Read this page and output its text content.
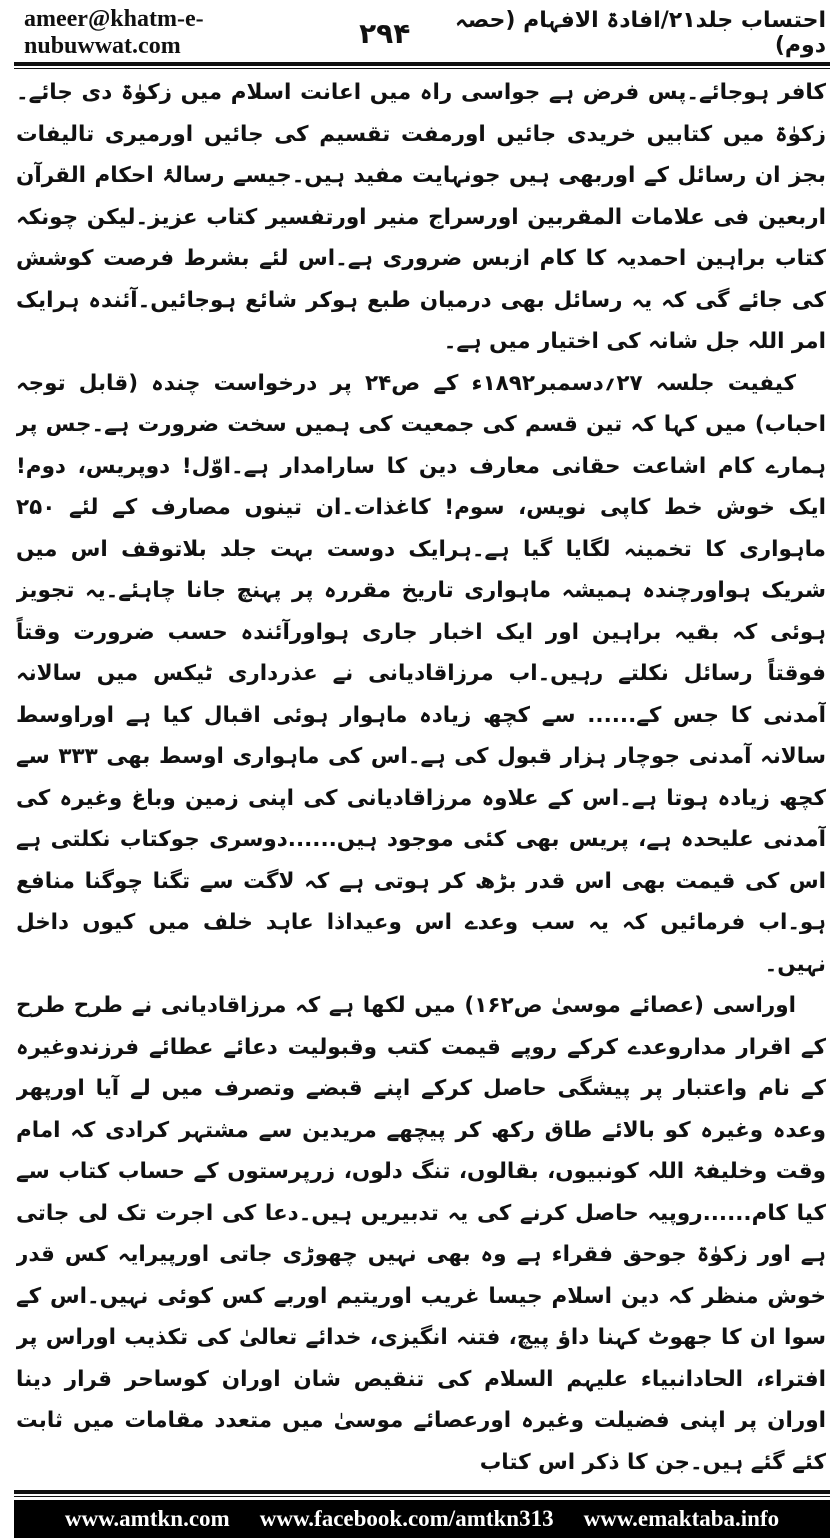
ameer@khatm-e-nubuwwat.com	۲۹۴	احتساب جلد۲۱/افادۃ الافہام (حصہ دوم)

کافر ہوجائے۔پس فرض ہے جواسی راہ میں اعانت اسلام میں زکوٰۃ دی جائے۔زکوٰۃ میں کتابیں خریدی جائیں اورمفت تقسیم کی جائیں اورمیری تالیفات بجز ان رسائل کے اوربھی ہیں جونہایت مفید ہیں۔جیسے رسالۂ احکام القرآن اربعین فی علامات المقربین اورسراج منیر اورتفسیر کتاب عزیز۔لیکن چونکہ کتاب براہین احمدیہ کا کام ازبس ضروری ہے۔اس لئے بشرط فرصت کوشش کی جائے گی کہ یہ رسائل بھی درمیان طبع ہوکر شائع ہوجائیں۔آئندہ ہرایک امر اللہ جل شانہ کی اختیار میں ہے۔

کیفیت جلسہ ۲۷؍دسمبر۱۸۹۲ء کے ص۲۴ پر درخواست چندہ (قابل توجہ احباب) میں کہا کہ تین قسم کی جمعیت کی ہمیں سخت ضرورت ہے۔جس پر ہمارے کام اشاعت حقانی معارف دین کا سارامدار ہے۔اوّل! دوپریس، دوم! ایک خوش خط کاپی نویس، سوم! کاغذات۔ان تینوں مصارف کے لئے ۲۵۰ ماہواری کا تخمینہ لگایا گیا ہے۔ہرایک دوست بہت جلد بلاتوقف اس میں شریک ہواورچندہ ہمیشہ ماہواری تاریخ مقررہ پر پہنچ جانا چاہئے۔یہ تجویز ہوئی کہ بقیہ براہین اور ایک اخبار جاری ہواورآئندہ حسب ضرورت وقتاً فوقتاً رسائل نکلتے رہیں۔اب مرزاقادیانی نے عذرداری ٹیکس میں سالانہ آمدنی کا جس کے...... سے کچھ زیادہ ماہوار ہوئی اقبال کیا ہے اوراوسط سالانہ آمدنی جوچار ہزار قبول کی ہے۔اس کی ماہواری اوسط بھی ۳۳۳ سے کچھ زیادہ ہوتا ہے۔اس کے علاوہ مرزاقادیانی کی اپنی زمین وباغ وغیرہ کی آمدنی علیحدہ ہے، پریس بھی کئی موجود ہیں......دوسری جوکتاب نکلتی ہے اس کی قیمت بھی اس قدر بڑھ کر ہوتی ہے کہ لاگت سے تگنا چوگنا منافع ہو۔اب فرمائیں کہ یہ سب وعدے اس وعیداذا عاہد خلف میں کیوں داخل نہیں۔

اوراسی (عصائے موسیٰ ص۱۶۲) میں لکھا ہے کہ مرزاقادیانی نے طرح طرح کے اقرار مداروعدے کرکے روپے قیمت کتب وقبولیت دعائے عطائے فرزندوغیرہ کے نام واعتبار پر پیشگی حاصل کرکے اپنے قبضے وتصرف میں لے آیا اورپھر وعدہ وغیرہ کو بالائے طاق رکھ کر پیچھے مریدین سے مشتہر کرادی کہ امام وقت وخلیفۃ اللہ کونبیوں، بقالوں، تنگ دلوں، زرپرستوں کے حساب کتاب سے کیا کام......روپیہ حاصل کرنے کی یہ تدبیریں ہیں۔دعا کی اجرت تک لی جاتی ہے اور زکوٰۃ جوحق فقراء ہے وہ بھی نہیں چھوڑی جاتی اورپیرایہ کس قدر خوش منظر کہ دین اسلام جیسا غریب اوریتیم اوربے کس کوئی نہیں۔اس کے سوا ان کا جھوٹ کہنا داؤ پیچ، فتنہ انگیزی، خدائے تعالیٰ کی تکذیب اوراس پر افتراء، الحادانبیاء علیہم السلام کی تنقیص شان اوران کوساحر قرار دینا اوران پر اپنی فضیلت وغیرہ اورعصائے موسیٰ میں متعدد مقامات میں ثابت کئے گئے ہیں۔جن کا ذکر اس کتاب

www.amtkn.com www.facebook.com/amtkn313 www.emaktaba.info
